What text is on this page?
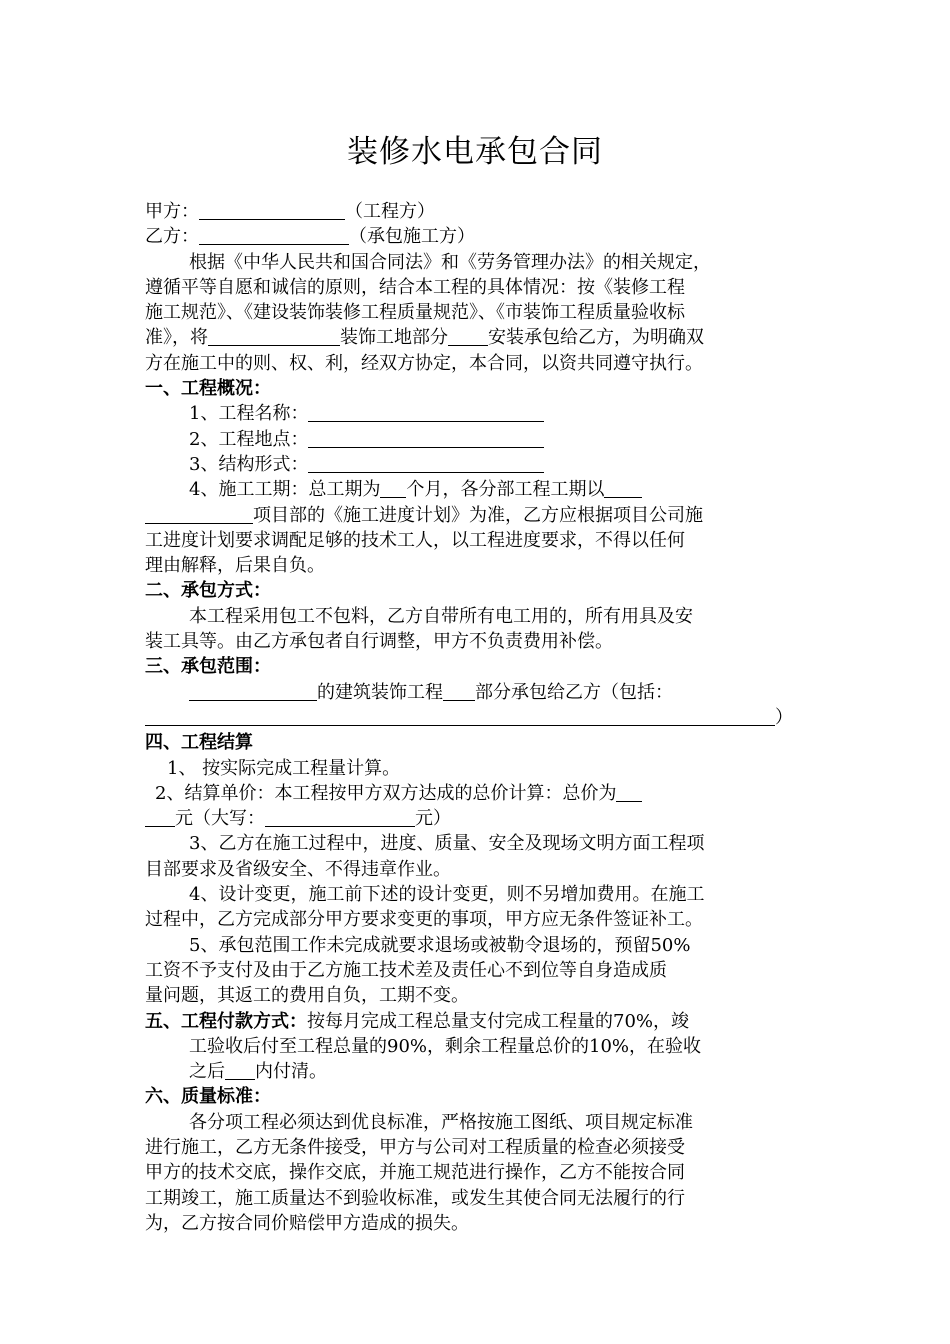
装修水电承包合同
甲方：	（工程方）
乙方：	（承包施工方）
根据《中华人民共和国合同法》和《劳务管理办法》的相关规定，
遵循平等自愿和诚信的原则，结合本工程的具体情况：按《装修工程
施工规范》、《建设装饰装修工程质量规范》、《市装饰工程质量验收标
准》，将	装饰工地部分 安装承包给乙方，为明确双
方在施工中的则、权、利，经双方协定，本合同，以资共同遵守执行。
一、工程概况：
1、工程名称：
2、工程地点：
3、结构形式：
4、施工工期：总工期为 个月，各分部工程工期以
项目部的《施工进度计划》为准，乙方应根据项目公司施
工进度计划要求调配足够的技术工人，以工程进度要求，不得以任何
理由解释，后果自负。
二、承包方式：
本工程采用包工不包料，乙方自带所有电工用的，所有用具及安
装工具等。由乙方承包者自行调整，甲方不负责费用补偿。
三、承包范围：
的建筑装饰工程 部分承包给乙方（包括：
）
四、工程结算
1、 按实际完成工程量计算。
2、结算单价：本工程按甲方双方达成的总价计算：总价为
元（大写：	元）
3、乙方在施工过程中，进度、质量、安全及现场文明方面工程项
目部要求及省级安全、不得违章作业。
4、设计变更，施工前下述的设计变更，则不另增加费用。在施工
过程中，乙方完成部分甲方要求变更的事项，甲方应无条件签证补工。
5、承包范围工作未完成就要求退场或被勒令退场的，预留50%
工资不予支付及由于乙方施工技术差及责任心不到位等自身造成质
量问题，其返工的费用自负，工期不变。
五、工程付款方式：按每月完成工程总量支付完成工程量的70%，竣
工验收后付至工程总量的90%，剩余工程量总价的10%，在验收
之后 内付清。
六、质量标准：
各分项工程必须达到优良标准，严格按施工图纸、项目规定标准
进行施工，乙方无条件接受，甲方与公司对工程质量的检查必须接受
甲方的技术交底，操作交底，并施工规范进行操作，乙方不能按合同
工期竣工，施工质量达不到验收标准，或发生其使合同无法履行的行
为，乙方按合同价赔偿甲方造成的损失。
